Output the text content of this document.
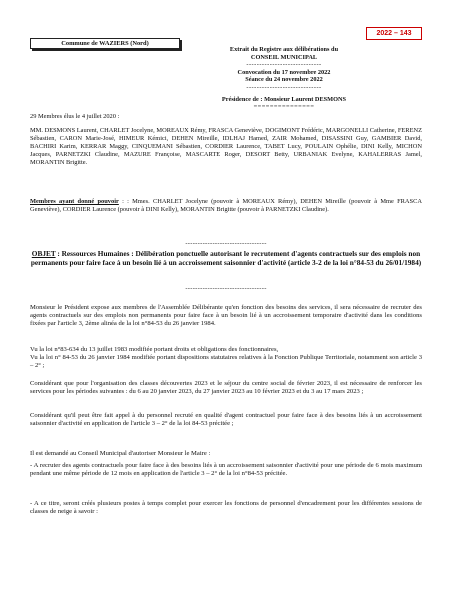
2022 – 143
Commune de WAZIERS (Nord)
Extrait du Registre aux délibérations du
CONSEIL MUNICIPAL
-----------------------------
Convocation du 17 novembre 2022
Séance du 24 novembre 2022
-----------------------------
Présidence de : Monsieur Laurent DESMONS
===============
29 Membres élus le 4 juillet 2020 :
MM. DESMONS Laurent, CHARLET Jocelyne, MOREAUX Rémy, FRASCA Geneviève, DOGIMONT Frédéric, MARGONELLI Catherine, FERENZ Sébastien, CARON Marie-José, HIMEUR Kémici, DEHEN Mireille, IDLHAJ Hamed, ZAIR Mohamed, DISASSINI Guy, GAMBIER David, BACHIRI Karim, KERRAR Maggy, CINQUEMANI Sébastien, CORDIER Laurence, TABET Lucy, POULAIN Ophélie, DINI Kelly, MICHON Jacques, PARNETZKI Claudine, MAZURE Françoise, MASCARTE Roger, DESORT Betty, URBANIAK Evelyne, KAHALERRAS Jamel, MORANTIN Brigitte.
Membres ayant donné pouvoir : : Mmes. CHARLET Jocelyne (pouvoir à MOREAUX Rémy), DEHEN Mireille (pouvoir à Mme FRASCA Geneviève), CORDIER Laurence (pouvoir à DINI Kelly), MORANTIN Brigitte (pouvoir à PARNETZKI Claudine).
---------------------------------
OBJET : Ressources Humaines : Délibération ponctuelle autorisant le recrutement d'agents contractuels sur des emplois non permanents pour faire face à un besoin lié à un accroissement saisonnier d'activité (article 3-2 de la loi n°84-53 du 26/01/1984)
---------------------------------
Monsieur le Président expose aux membres de l'Assemblée Délibérante qu'en fonction des besoins des services, il sera nécessaire de recruter des agents contractuels sur des emplois non permanents pour faire face à un besoin lié à un accroissement temporaire d'activité dans les conditions fixées par l'article 3, 2ème alinéa de la loi n°84-53 du 26 janvier 1984.
Vu la loi n°83-634 du 13 juillet 1983 modifiée portant droits et obligations des fonctionnaires,
Vu la loi n° 84-53 du 26 janvier 1984 modifiée portant dispositions statutaires relatives à la Fonction Publique Territoriale, notamment son article 3 – 2° ;
Considérant que pour l'organisation des classes découvertes 2023 et le séjour du centre social de février 2023, il est nécessaire de renforcer les services pour les périodes suivantes : du 6 au 20 janvier 2023, du 27 janvier 2023 au 10 février 2023 et du 3 au 17 mars 2023 ;
Considérant qu'il peut être fait appel à du personnel recruté en qualité d'agent contractuel pour faire face à des besoins liés à un accroissement saisonnier d'activité en application de l'article 3 – 2° de la loi 84-53 précitée ;
Il est demandé au Conseil Municipal d'autoriser Monsieur le Maire :
- A recruter des agents contractuels pour faire face à des besoins liés à un accroissement saisonnier d'activité pour une période de 6 mois maximum pendant une même période de 12 mois en application de l'article 3 – 2° de la loi n°84-53 précitée.
- A ce titre, seront créés plusieurs postes à temps complet pour exercer les fonctions de personnel d'encadrement pour les différentes sessions de classes de neige à savoir :
